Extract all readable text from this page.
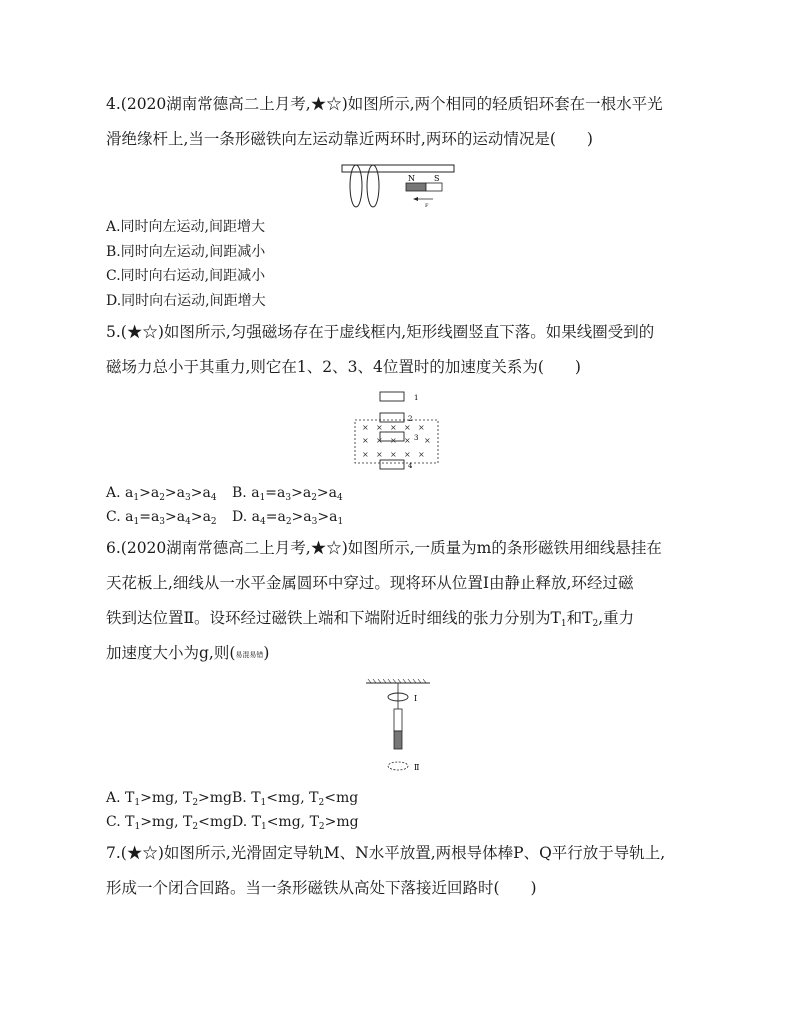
4.(2020湖南常德高二上月考,★☆)如图所示,两个相同的轻质铝环套在一根水平光
滑绝缘杆上,当一条形磁铁向左运动靠近两环时,两环的运动情况是(　　)
N S
F
A.同时向左运动,间距增大
B.同时向左运动,间距减小
C.同时向右运动,间距减小
D.同时向右运动,间距增大
5.(★☆)如图所示,匀强磁场存在于虚线框内,矩形线圈竖直下落。如果线圈受到的
磁场力总小于其重力,则它在1、2、3、4位置时的加速度关系为(　　)
1
2
3
4
× × × × ×
× × × × ×
× × × × ×
A. $a_1>a_2>a_3>a_4$ B. $a_1=a_3>a_2>a_4$
C. $a_1=a_3>a_4>a_2$ D. $a_4=a_2>a_3>a_1$
6.(2020湖南常德高二上月考,★☆)如图所示,一质量为m的条形磁铁用细线悬挂在
天花板上,细线从一水平金属圆环中穿过。现将环从位置Ⅰ由静止释放,环经过磁
铁到达位置Ⅱ。设环经过磁铁上端和下端附近时细线的张力分别为$T_1$和$T_2$,重力
加速度大小为g,则(易混易错)
Ⅰ
Ⅱ
A. $T_1>mg$, $T_2>mg$ B. $T_1<mg$, $T_2<mg$
C. $T_1>mg$, $T_2<mg$ D. $T_1<mg$, $T_2>mg$
7.(★☆)如图所示,光滑固定导轨M、N水平放置,两根导体棒P、Q平行放于导轨上,
形成一个闭合回路。当一条形磁铁从高处下落接近回路时(　　)
